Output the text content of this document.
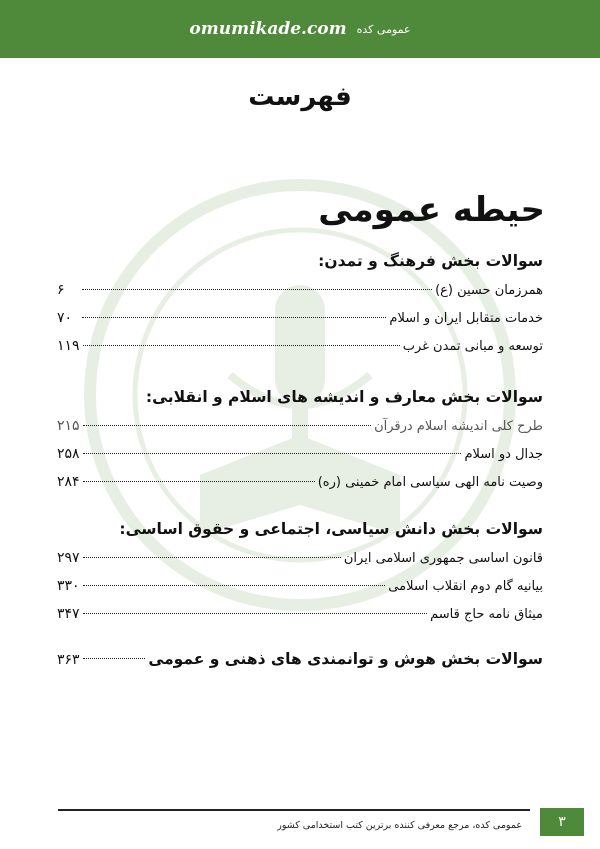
omumikade.com عمومی کده
فهرست
حیطه عمومی
سوالات بخش فرهنگ و تمدن:
همرزمان حسین (ع)
۶
خدمات متقابل ایران و اسلام
۷۰
توسعه و مبانی تمدن غرب
۱۱۹
سوالات بخش معارف و اندیشه های اسلام و انقلابی:
طرح کلی اندیشه اسلام درقرآن
۲۱۵
جدال دو اسلام
۲۵۸
وصیت نامه الهی سیاسی امام خمینی (ره)
۲۸۴
سوالات بخش دانش سیاسی، اجتماعی و حقوق اساسی:
قانون اساسی جمهوری اسلامی ایران
۲۹۷
بیانیه گام دوم انقلاب اسلامی
۳۳۰
میثاق نامه حاج قاسم
۳۴۷
سوالات بخش هوش و توانمندی های ذهنی و عمومی
۳۶۳
عمومی کده، مرجع معرفی کننده برترین کتب استخدامی کشور	۳
